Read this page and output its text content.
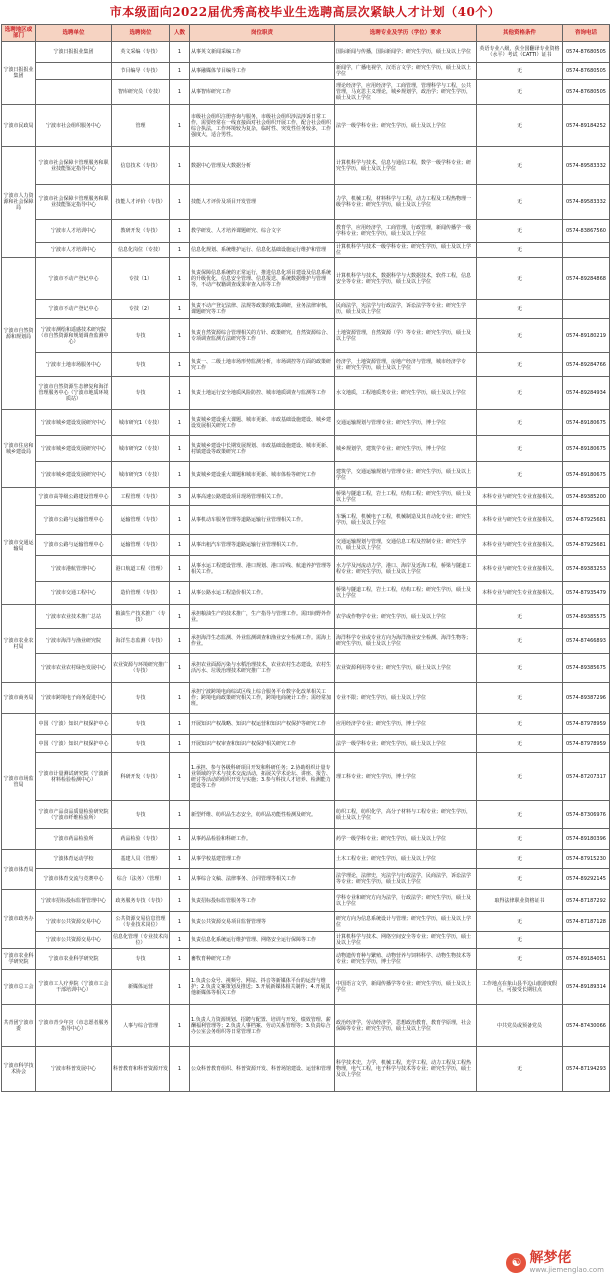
市本级面向2022届优秀高校毕业生选聘高层次紧缺人才计划（40个）
选聘地区或部门	选聘单位	选聘岗位	人数	岗位职责	选聘专业及学历（学位）要求	其他资格条件	咨询电话
宁波日报报业集团	宁波日报报业集团	英文采编（专技）	1	从事英文新闻采编工作	国际新闻与传播，国际新闻学；研究生学历，硕士及以上学位	英语专业八级，获全国翻译专业资格（水平）考试（CATTI）证书	0574-87680505
		节目编导（专技）	1	从事融媒体节目编导工作	新闻学，广播电视学，汉语言文学；研究生学历，硕士及以上学位	无	0574-87680505
		智库研究员（专技）	1	从事智库研究工作	理论经济学，应用经济学，工商管理，管理科学与工程，公共管理，马克思主义理论，城乡规划学，政治学；研究生学历，硕士及以上学位	无	0574-87680505
宁波市民政局	宁波市社会组织服务中心	管理	1	市级社会组织注册咨询与服务，市级社会组织涉法涉诉日常工作，需要经常在一线直接面对社会组织开展工作，配合社会组织综合执法，工作环境较为复杂，临时性、突发性任务较多，工作强度大，适合男性。	法学一级学科专业；研究生学历，硕士及以上学位	无	0574-89184252
宁波市人力资源和社会保障局	宁波市社会保障卡管理服务和职业技能鉴定指导中心	信息技术（专技）	1	数据中心管理及大数据分析	计算机科学与技术，信息与通信工程，数学一级学科专业；研究生学历，硕士及以上学位	无	0574-89583332
	宁波市社会保障卡管理服务和职业技能鉴定指导中心	技能人才评价（专技）	1	技能人才评价及项目开发管理	力学，机械工程，材料科学与工程，动力工程及工程热物理一级学科专业；研究生学历，硕士及以上学位	无	0574-89583332
	宁波市人才培训中心	教研开发（专技）	1	教学研发、人才培养课题研究、综合文字	教育学，应用经济学，工商管理，行政管理，新闻传播学一级学科专业；研究生学历，硕士及以上学位	无	0574-83867560
	宁波市人才培训中心	信息化岗位（专技）	1	信息化规划、系统维护运行、信息化基础设施运行维护和管理	计算机科学与技术一级学科专业；研究生学历，硕士及以上学位	无	
宁波市自然资源和规划局	宁波市不动产登记中心	专技（1）	1	负责保障信息系统的正常运行，推进信息化项目建设及信息系统的升级优化，信息安全管理、信息报送、系统数据维护与管理等，不动产权籍调查成果审查入库等工作	计算机科学与技术，数据科学与大数据技术，软件工程，信息安全等专业；研究生学历，硕士及以上学位	无	0574-89284868
	宁波市不动产登记中心	专技（2）	1	负责不动产登记法律、法规等政策的收集调研，业务法律审核，课题研究等工作	民商法学，宪法学与行政法学，诉讼法学等专业；研究生学历，硕士及以上学位	无	
	宁波市测绘和遥感技术研究院（市自然资源和规划调查监测中心）	专技	1	负责自然资源综合管理相关的方针、政策研究，自然资源综合、专项调查监测方法研究等工作	土地资源管理，自然资源（学）等专业；研究生学历，硕士及以上学位	无	0574-89180219
	宁波市土地市场服务中心	专技	1	负责一、二级土地市场形势监测分析，市场调控等方面的政策研究工作	经济学，土地资源管理，房地产经济与管理，城市经济学专业；研究生学历，硕士及以上学位	无	0574-89284766
	宁波市自然资源生态修复和海洋管理服务中心（宁波市地质环境质站）	专技	1	负责土地运行安全地质风险防控、城市地质调查与监测等工作	水文地质，工程地质类专业；研究生学历，硕士及以上学位	无	0574-89284934
宁波市住房和城乡建设局	宁波市城乡建设发展研究中心	城市研究1（专技）	1	负责城乡建设重大课题、城市更新、市政基础设施建设、城乡建设发展相关研究工作	交通运输规划与管理专业；研究生学历，博士学位	无	0574-89180675
	宁波市城乡建设发展研究中心	城市研究2（专技）	1	负责城乡建设中长期发展规划、市政基础设施建设、城市更新、村镇建设等政策研究工作	城乡规划学，建筑学专业；研究生学历，博士学位	无	0574-89180675
	宁波市城乡建设发展研究中心	城市研究3（专技）	1	负责城乡建设重大课题和城市更新、城市体检等研究工作	建筑学，交通运输规划与管理专业；研究生学历，硕士及以上学位	无	0574-89180675
宁波市交通运输局	宁波市高等级公路建设管理中心	工程管理（专技）	3	从事高速公路建设项目现场管理相关工作。	桥梁与隧道工程，岩土工程，结构工程；研究生学历，硕士及以上学位	本科专业与研究生专业直接相关。	0574-89385200
	宁波市公路与运输管理中心	运输管理（专技）	1	从事机动车服务管理等道路运输行业管理相关工作。	车辆工程，机械电子工程，机械制造及其自动化专业；研究生学历，硕士及以上学位	本科专业与研究生专业直接相关。	0574-87925681
	宁波市公路与运输管理中心	运输管理（专技）	1	从事出租汽车管理等道路运输行业管理相关工作。	交通运输规划与管理，交通信息工程及控制专业；研究生学历，硕士及以上学位	本科专业与研究生专业直接相关。	0574-87925681
	宁波市港航管理中心	港口航道工程（管理）	1	从事水运工程建设管理、港口规划、港口岸线、航道养护管理等相关工作。	水力学及河流动力学，港口、海岸及近海工程，桥梁与隧道工程专业；研究生学历，硕士及以上学位	本科专业与研究生专业直接相关。	0574-89383253
	宁波市交通工程中心	造价管理（专技）	1	从事公路水运工程造价相关工作。	桥梁与隧道工程，岩土工程，结构工程；研究生学历，硕士及以上学位	本科专业与研究生专业直接相关。	0574-87935479
宁波市农业农村局	宁波市农业技术推广总站	粮油生产技术推广（专技）	1	承担粮油生产的技术推广，生产指导与管理工作。需田间野外作业。	农学或作物学专业；研究生学历，硕士及以上学位	无	0574-89385575
	宁波市海洋与渔业研究院	海洋生态监测（专技）	1	承担海洋生态监测、外业监测调查和渔业安全检测工作。需海上作业。	海洋科学专业或专业方向为海洋渔业安全检测、海洋生物等；研究生学历，硕士及以上学位	无	0574-87466893
	宁波市农业农村绿色发展中心	农业资源与环境研究推广（专技）	1	承担农业面源污染与水稻治理技术，农业农村生态建设，农村生活污水、垃圾治理技术研究推广工作	农业资源利用等专业；研究生学历，硕士及以上学位	无	0574-89385675
宁波市商务局	宁波市跨境电子商务促进中心	专技	1	承担宁波跨境电商综试区线上综合服务平台数字化改革相关工作；跨境电商政策研究相关工作，跨境电商统计工作；需经常加班。	专业不限；研究生学历，硕士及以上学位	无	0574-89387296
宁波市市场监管局	中国（宁波）知识产权保护中心	专技	1	开展知识产权战略、知识产权运营和知识产权保护等研究工作	应用经济学专业；研究生学历，博士学位	无	0574-87978959
	中国（宁波）知识产权保护中心	专技	1	开展知识产权审查和知识产权保护相关研究工作	法学一级学科专业；研究生学历，硕士及以上学位	无	0574-87978959
	宁波市计量测试研究院（宁波新材料检验检测中心）	科研开发（专技）	1	1.承担、参与各级科研项目开发和科研任务；2.协助组织计量专业领域的学术与技术交流活动，拓展关学术论坛、讲座、报告、研讨等活动的组织开发与实施；3.参与科技人才培养、检测能力建设等工作	理工科专业；研究生学历，博士学位	无	0574-87207317
	宁波市产品食品质量检验研究院（宁波市纤维检验所）	专技	1	新型纤维、纺织品生态安全，纺织品功能性检测及研究。	纺织工程，纺织化学，高分子材料与工程专业；研究生学历，硕士及以上学位	无	0574-87306976
	宁波市药品检验所	药品检验（专技）	1	从事药品检验和科研工作。	药学一级学科专业；研究生学历，硕士及以上学位	无	0574-89180396
宁波市体育局	宁波体育运动学校	基建人员（管理）	1	从事学校基建管理工作	土木工程专业；研究生学历，硕士及以上学位	无	0574-87915230
	宁波市体育交流与竞赛中心	综合（法务）（管理）	1	从事综合文稿、法律事务、合同管理等相关工作	法学理论，法律史，宪法学与行政法学，民商法学，诉讼法学等专业；研究生学历，硕士及以上学位	无	0574-89292145
宁波市政务办	宁波市招标投标监督管理中心	政务服务专技（专技）	1	负责招标投标监管服务等工作	学科专业和研究方向为法学，行政法学；研究生学历，硕士及以上学位	取得法律职业资格证书	0574-87187292
	宁波市公共资源交易中心	公共资源交易信息管理（专业技术岗位）	1	负责公共资源交易项目监督管理等	研究方向为信息系统设计与管理；研究生学历，硕士及以上学位	无	0574-87187128
	宁波市公共资源交易中心	信息化管理（专业技术岗位）	1	负责信息化系统运行维护管理、网络安全运行保障等工作	计算机科学与技术、网络空间安全等专业；研究生学历，硕士及以上学位	无	
宁波市农业科学研究院	宁波市农业科学研究院	专技	1	畜牧育种研究工作	动物遗传育种与繁殖、动物营养与饲料科学、动物生物技术等专业；研究生学历，博士学位	无	0574-89184051
宁波市总工会	宁波市工人疗养院（宁波市工会干部培训中心）	新媒体运营	1	1.负责公众号、视频号、网站、抖音等新媒体平台的运营与维护；2.负责文案策划及推送；3.开展新媒体相关制作；4.开展其他新媒体等相关工作	中国语言文学，新闻传播学等专业；研究生学历，硕士及以上学位	工作地点在象山县半边山旅游度假区，可接受长期驻点	0574-89189314
共青团宁波市委	宁波市青少年宫（市志愿者服务指导中心）	人事与综合管理	1	1.负责人力资源规划、招聘与配置、培训与开发、绩效管理、薪酬福利管理等；2.负责人事档案、劳动关系管理等；3.负责综合办公室会务组织等日常管理工作	政治经济学，劳动经济学，思想政治教育，教育学原理，社会保障等专业；研究生学历，硕士及以上学位	中共党员或预备党员	0574-87430066
宁波市科学技术协会	宁波市科普发展中心	科普教育和科普资源开发	1	公众科普教育组织、科普资源开发、科普场馆建设、运营和管理	科学技术史，力学，机械工程，光学工程，动力工程及工程热物理，电气工程，电子科学与技术等专业；研究生学历，硕士及以上学位	无	0574-87194293
☯ 解梦佬
www.jiemenglao.com
